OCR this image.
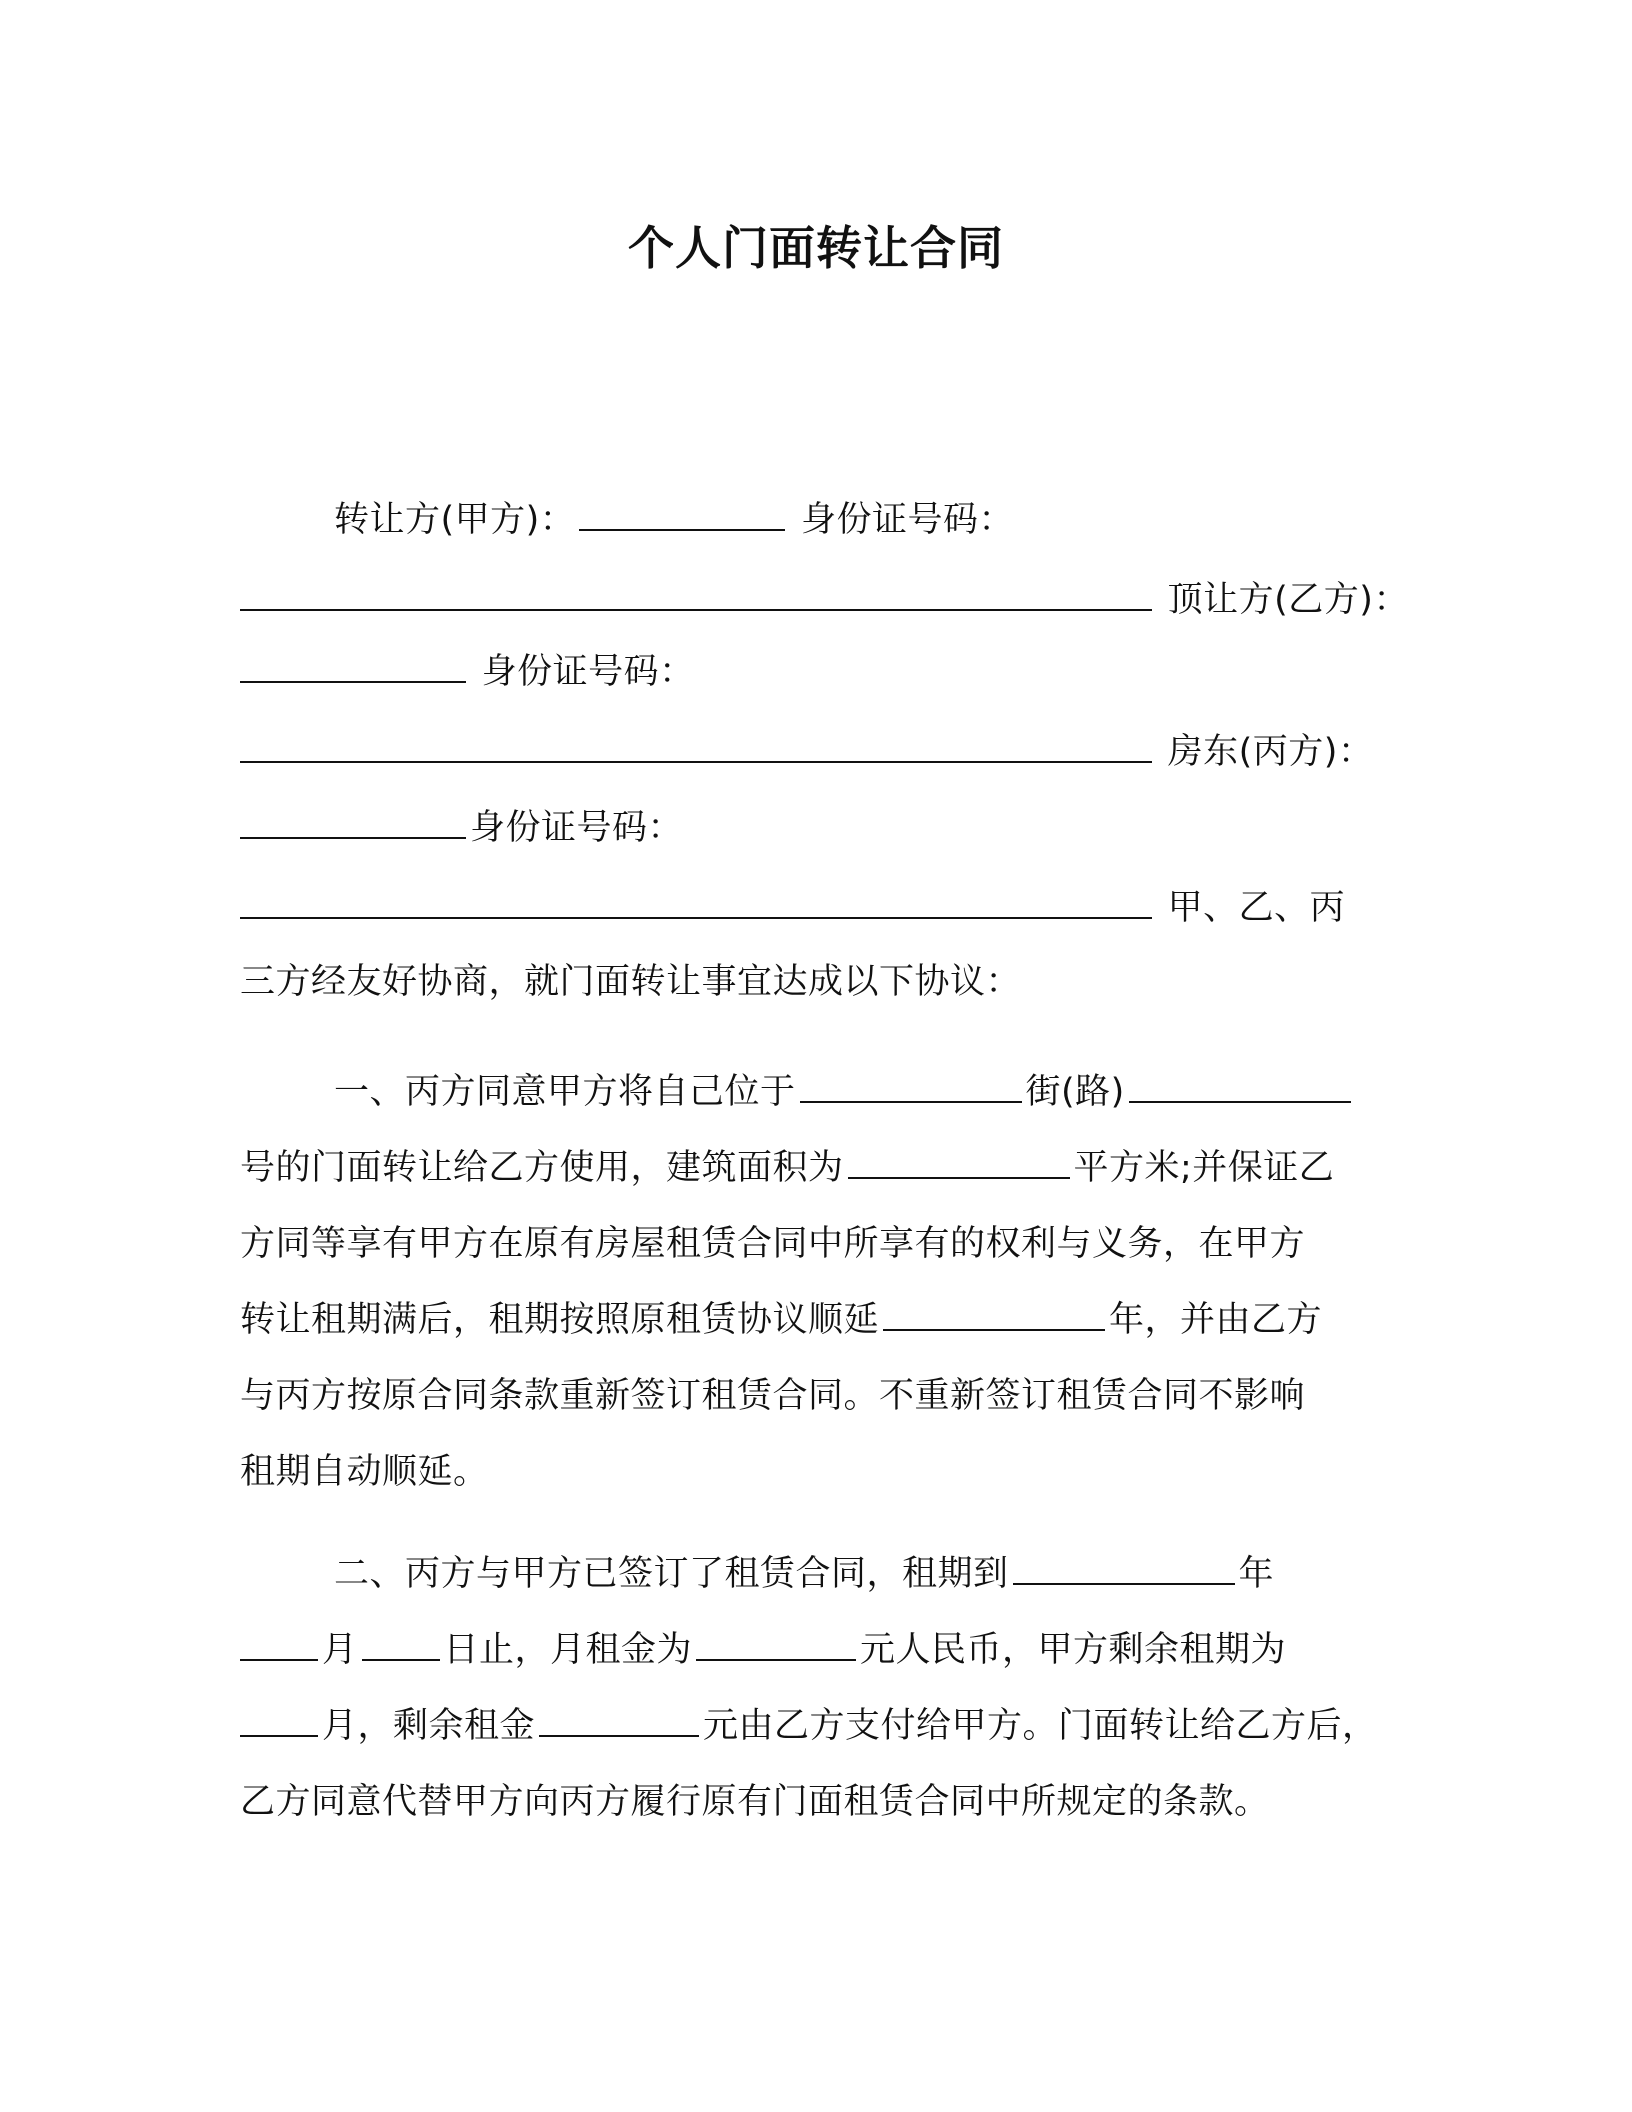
个人门面转让合同
转让方(甲方)：	身份证号码：
顶让方(乙方)：
身份证号码：
房东(丙方)：
身份证号码：
甲、乙、丙
三方经友好协商，就门面转让事宜达成以下协议：
一、丙方同意甲方将自己位于	街(路)
号的门面转让给乙方使用，建筑面积为	平方米;并保证乙
方同等享有甲方在原有房屋租赁合同中所享有的权利与义务，在甲方
转让租期满后，租期按照原租赁协议顺延	年，并由乙方
与丙方按原合同条款重新签订租赁合同。不重新签订租赁合同不影响
租期自动顺延。
二、丙方与甲方已签订了租赁合同，租期到	年
月 日止，月租金为	元人民币，甲方剩余租期为
月，剩余租金	元由乙方支付给甲方。门面转让给乙方后，
乙方同意代替甲方向丙方履行原有门面租赁合同中所规定的条款。
